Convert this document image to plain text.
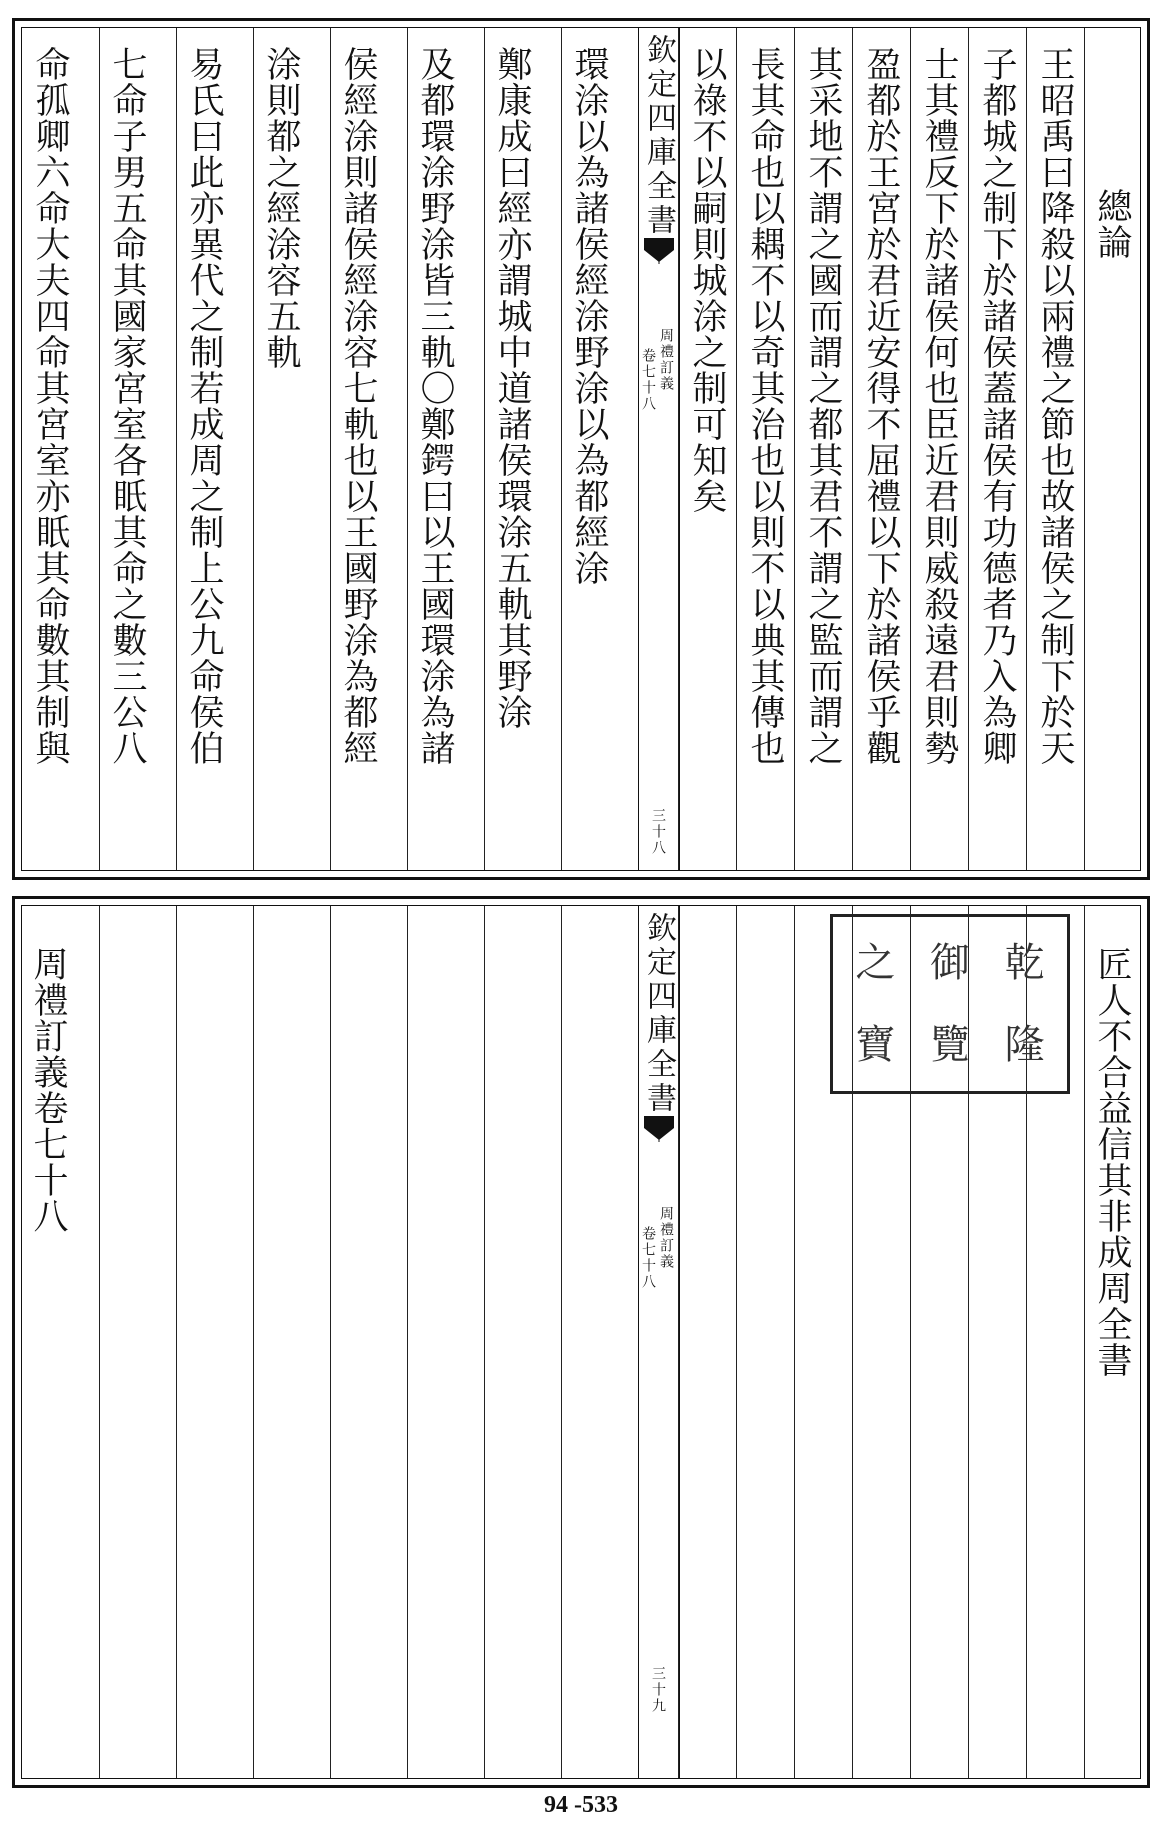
欽定四庫全書
周禮訂義
卷七十八
三十八
總論
王昭禹曰降殺以兩禮之節也故諸侯之制下於天
子都城之制下於諸侯蓋諸侯有功德者乃入為卿
士其禮反下於諸侯何也臣近君則威殺遠君則勢
盈都於王宮於君近安得不屈禮以下於諸侯乎觀
其采地不謂之國而謂之都其君不謂之監而謂之
長其命也以耦不以奇其治也以則不以典其傳也
以祿不以嗣則城涂之制可知矣
環涂以為諸侯經涂野涂以為都經涂
鄭康成曰經亦謂城中道諸侯環涂五軌其野涂
及都環涂野涂皆三軌〇鄭鍔曰以王國環涂為諸
侯經涂則諸侯經涂容七軌也以王國野涂為都經
涂則都之經涂容五軌
易氏曰此亦異代之制若成周之制上公九命侯伯
七命子男五命其國家宮室各眂其命之數三公八
命孤卿六命大夫四命其宮室亦眂其命數其制與
欽定四庫全書
周禮訂義
卷七十八
三十九
匠人不合益信其非成周全書
周禮訂義卷七十八	乾
隆
御
覽
之
寶
94 -533
